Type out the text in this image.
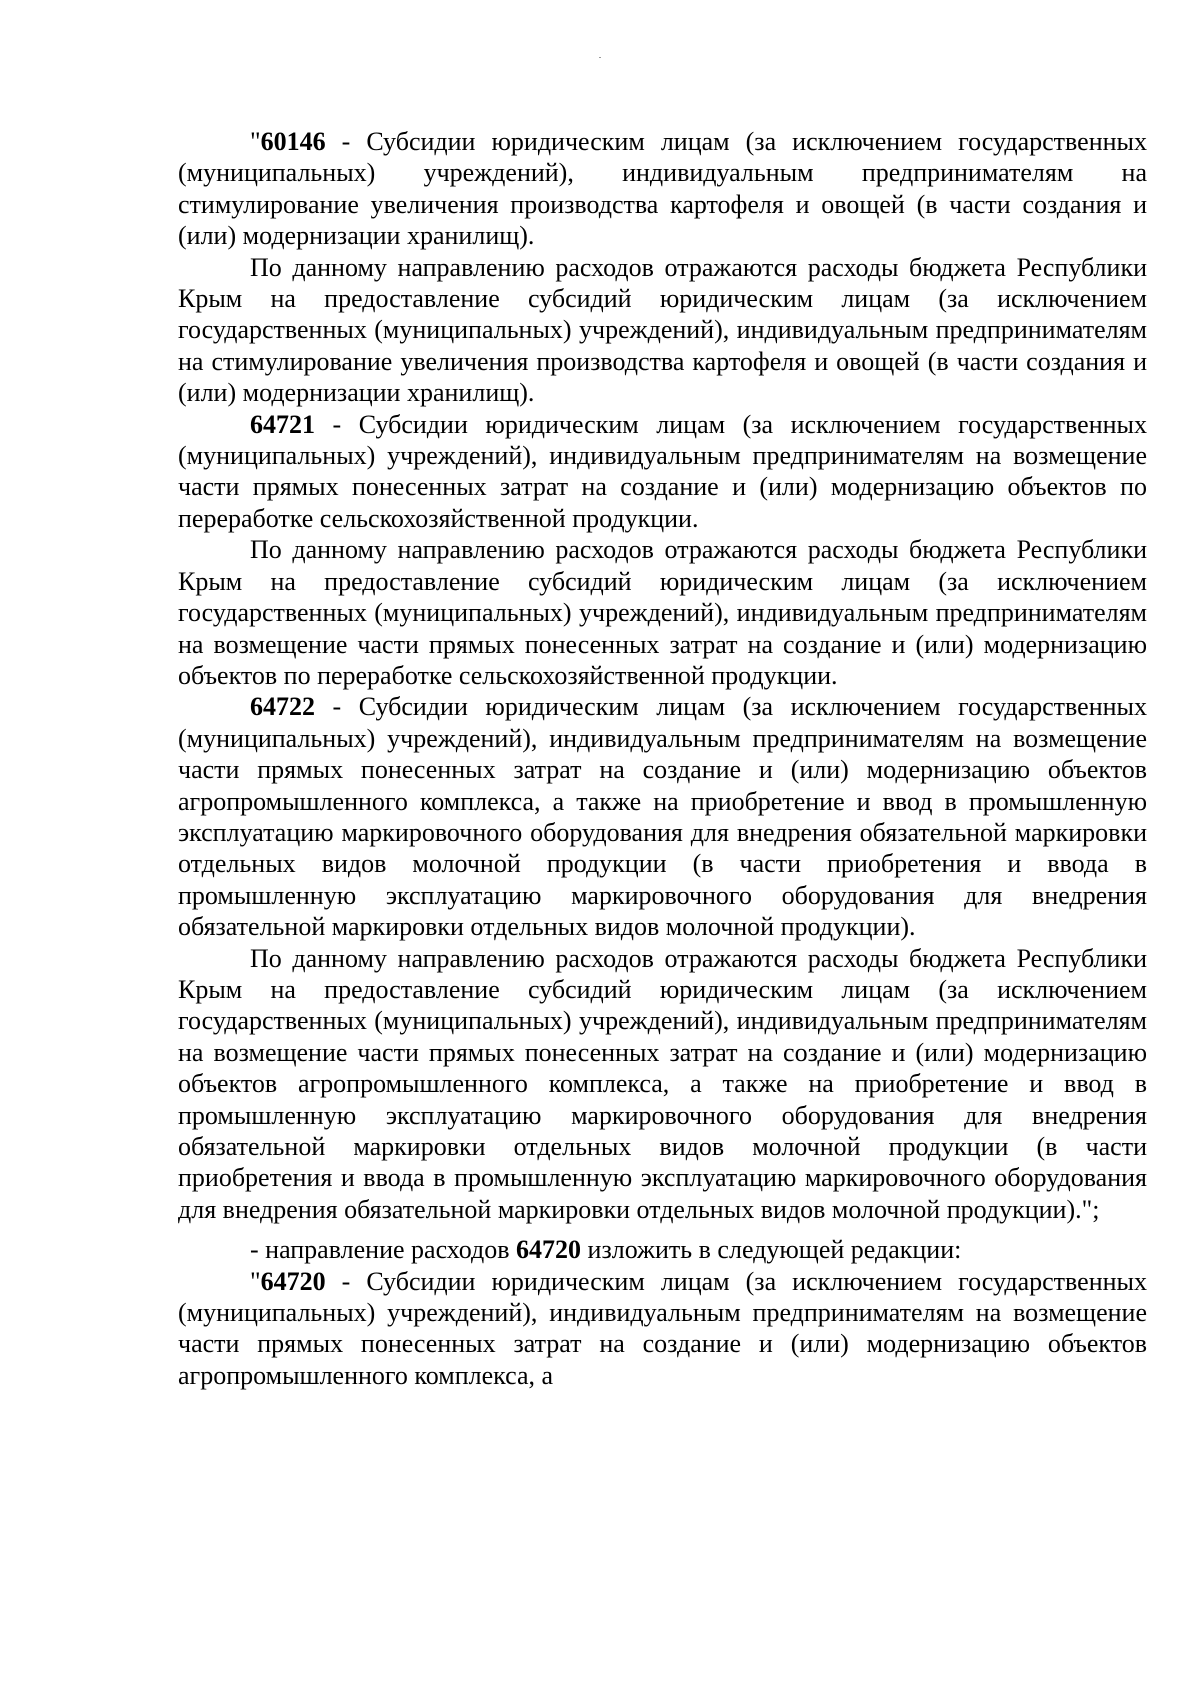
"60146 - Субсидии юридическим лицам (за исключением государственных (муниципальных) учреждений), индивидуальным предпринимателям на стимулирование увеличения производства картофеля и овощей (в части создания и (или) модернизации хранилищ).

По данному направлению расходов отражаются расходы бюджета Республики Крым на предоставление субсидий юридическим лицам (за исключением государственных (муниципальных) учреждений), индивидуальным предпринимателям на стимулирование увеличения производства картофеля и овощей (в части создания и (или) модернизации хранилищ).

64721 - Субсидии юридическим лицам (за исключением государственных (муниципальных) учреждений), индивидуальным предпринимателям на возмещение части прямых понесенных затрат на создание и (или) модернизацию объектов по переработке сельскохозяйственной продукции.

По данному направлению расходов отражаются расходы бюджета Республики Крым на предоставление субсидий юридическим лицам (за исключением государственных (муниципальных) учреждений), индивидуальным предпринимателям на возмещение части прямых понесенных затрат на создание и (или) модернизацию объектов по переработке сельскохозяйственной продукции.

64722 - Субсидии юридическим лицам (за исключением государственных (муниципальных) учреждений), индивидуальным предпринимателям на возмещение части прямых понесенных затрат на создание и (или) модернизацию объектов агропромышленного комплекса, а также на приобретение и ввод в промышленную эксплуатацию маркировочного оборудования для внедрения обязательной маркировки отдельных видов молочной продукции (в части приобретения и ввода в промышленную эксплуатацию маркировочного оборудования для внедрения обязательной маркировки отдельных видов молочной продукции).

По данному направлению расходов отражаются расходы бюджета Республики Крым на предоставление субсидий юридическим лицам (за исключением государственных (муниципальных) учреждений), индивидуальным предпринимателям на возмещение части прямых понесенных затрат на создание и (или) модернизацию объектов агропромышленного комплекса, а также на приобретение и ввод в промышленную эксплуатацию маркировочного оборудования для внедрения обязательной маркировки отдельных видов молочной продукции (в части приобретения и ввода в промышленную эксплуатацию маркировочного оборудования для внедрения обязательной маркировки отдельных видов молочной продукции).";

- направление расходов 64720 изложить в следующей редакции:

"64720 - Субсидии юридическим лицам (за исключением государственных (муниципальных) учреждений), индивидуальным предпринимателям на возмещение части прямых понесенных затрат на создание и (или) модернизацию объектов агропромышленного комплекса, а
